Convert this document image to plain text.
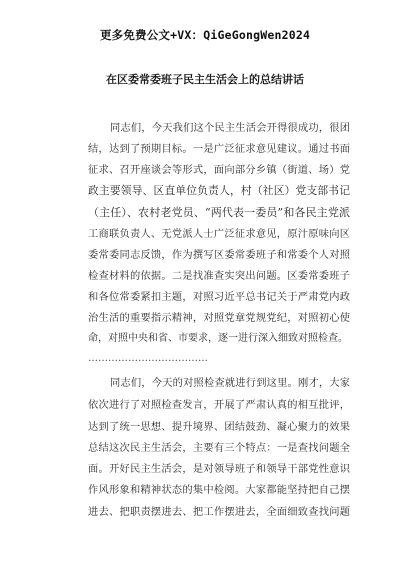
更多免费公文+VX：QiGeGongWen2024
在区委常委班子民主生活会上的总结讲话
同志们，今天我们这个民主生活会开得很成功，很团
结，达到了预期目标。一是广泛征求意见建议。通过书面
征求、召开座谈会等形式，面向部分乡镇（街道、场）党
政主要领导、区直单位负责人，村（社区）党支部书记
（主任）、农村老党员、“两代表一委员”和各民主党派
工商联负责人、无党派人士广泛征求意见，原汁原味向区
委常委同志反馈，作为撰写区委常委班子和常委个人对照
检查材料的依据。二是找准查实突出问题。区委常委班子
和各位常委紧扣主题，对照习近平总书记关于严肃党内政
治生活的重要指示精神，对照党章党规党纪，对照初心使
命，对照中央和省、市要求，逐一进行深入细致对照检查。
………………………………
同志们，今天的对照检查就进行到这里。刚才，大家
依次进行了对照检查发言，开展了严肃认真的相互批评，
达到了统一思想、提升境界、团结鼓劲、凝心聚力的效果
总结这次民主生活会，主要有三个特点：一是查找问题全
面。开好民主生活会，是对领导班子和领导干部党性意识
作风形象和精神状态的集中检阅。大家都能坚持把自己摆
进去、把职责摆进去、把工作摆进去，全面细致查找问题
